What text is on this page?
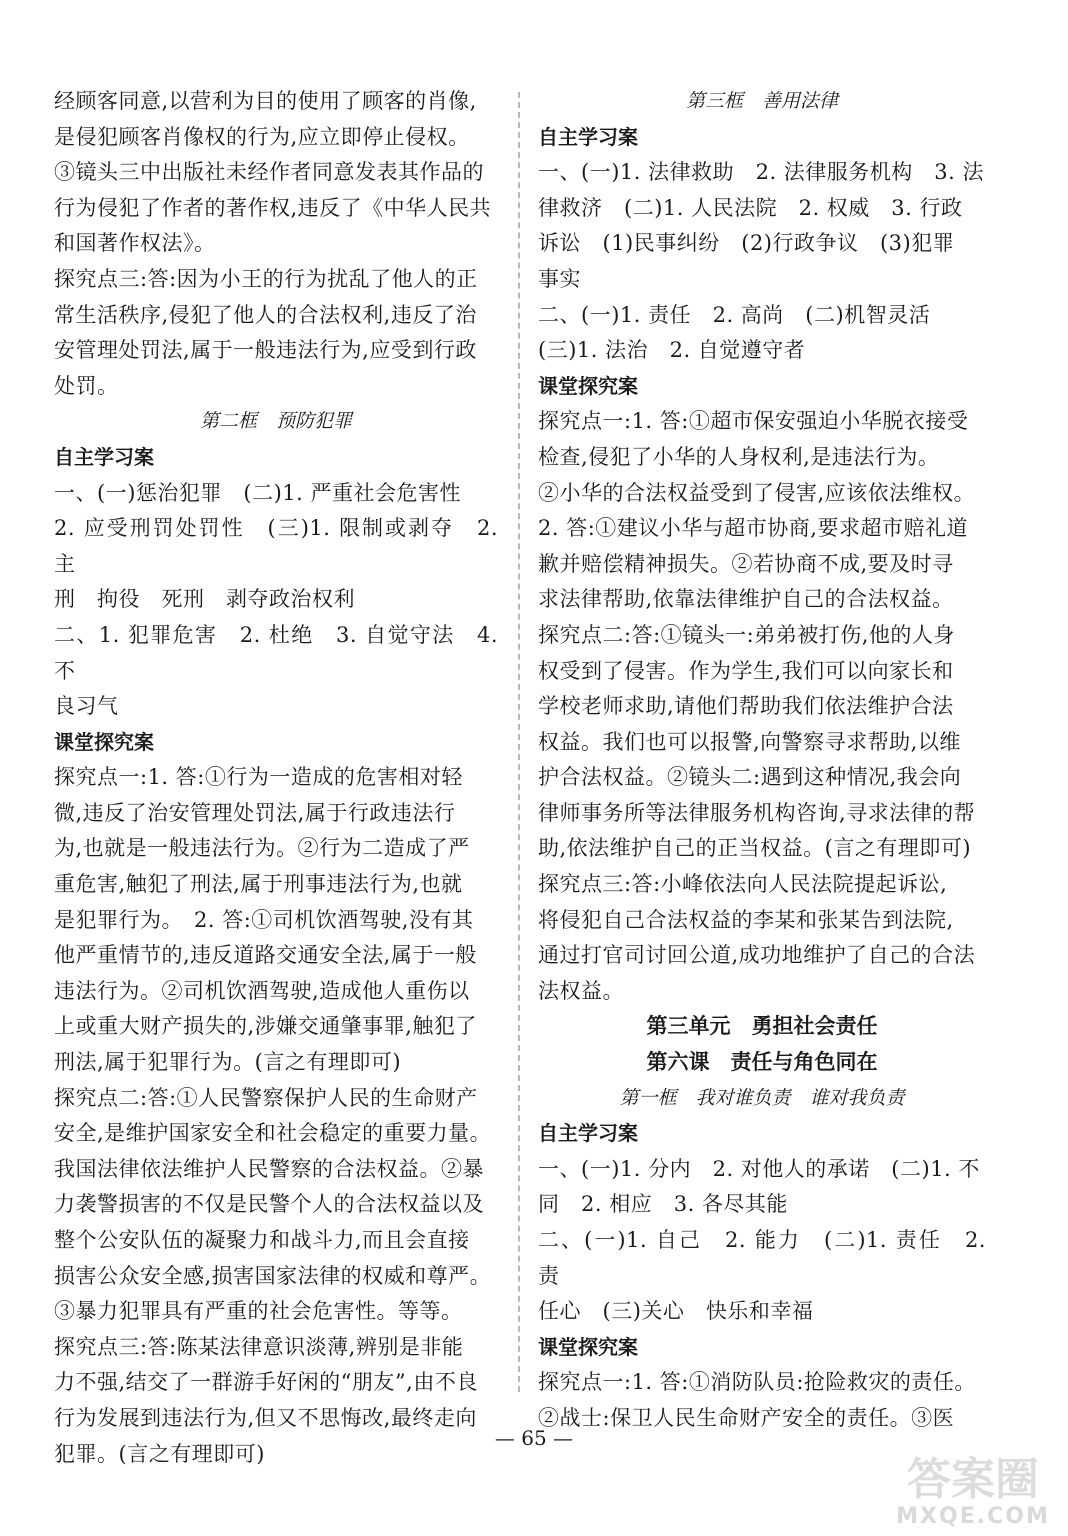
经顾客同意,以营利为目的使用了顾客的肖像,

是侵犯顾客肖像权的行为,应立即停止侵权。

③镜头三中出版社未经作者同意发表其作品的

行为侵犯了作者的著作权,违反了《中华人民共

和国著作权法》。

探究点三:答:因为小王的行为扰乱了他人的正

常生活秩序,侵犯了他人的合法权利,违反了治

安管理处罚法,属于一般违法行为,应受到行政

处罚。

第二框　预防犯罪

自主学习案

一、(一)惩治犯罪　(二)1. 严重社会危害性

2. 应受刑罚处罚性　(三)1. 限制或剥夺　2. 主

刑　拘役　死刑　剥夺政治权利

二、1. 犯罪危害　2. 杜绝　3. 自觉守法　4. 不

良习气

课堂探究案

探究点一:1. 答:①行为一造成的危害相对轻

微,违反了治安管理处罚法,属于行政违法行

为,也就是一般违法行为。②行为二造成了严

重危害,触犯了刑法,属于刑事违法行为,也就

是犯罪行为。　2. 答:①司机饮酒驾驶,没有其

他严重情节的,违反道路交通安全法,属于一般

违法行为。②司机饮酒驾驶,造成他人重伤以

上或重大财产损失的,涉嫌交通肇事罪,触犯了

刑法,属于犯罪行为。(言之有理即可)

探究点二:答:①人民警察保护人民的生命财产

安全,是维护国家安全和社会稳定的重要力量。

我国法律依法维护人民警察的合法权益。②暴

力袭警损害的不仅是民警个人的合法权益以及

整个公安队伍的凝聚力和战斗力,而且会直接

损害公众安全感,损害国家法律的权威和尊严。

③暴力犯罪具有严重的社会危害性。等等。

探究点三:答:陈某法律意识淡薄,辨别是非能

力不强,结交了一群游手好闲的“朋友”,由不良

行为发展到违法行为,但又不思悔改,最终走向

犯罪。(言之有理即可)

第三框　善用法律

自主学习案

一、(一)1. 法律救助　2. 法律服务机构　3. 法

律救济　(二)1. 人民法院　2. 权威　3. 行政

诉讼　(1)民事纠纷　(2)行政争议　(3)犯罪

事实

二、(一)1. 责任　2. 高尚　(二)机智灵活

(三)1. 法治　2. 自觉遵守者

课堂探究案

探究点一:1. 答:①超市保安强迫小华脱衣接受

检查,侵犯了小华的人身权利,是违法行为。

②小华的合法权益受到了侵害,应该依法维权。

2. 答:①建议小华与超市协商,要求超市赔礼道

歉并赔偿精神损失。②若协商不成,要及时寻

求法律帮助,依靠法律维护自己的合法权益。

探究点二:答:①镜头一:弟弟被打伤,他的人身

权受到了侵害。作为学生,我们可以向家长和

学校老师求助,请他们帮助我们依法维护合法

权益。我们也可以报警,向警察寻求帮助,以维

护合法权益。②镜头二:遇到这种情况,我会向

律师事务所等法律服务机构咨询,寻求法律的帮

助,依法维护自己的正当权益。(言之有理即可)

探究点三:答:小峰依法向人民法院提起诉讼,

将侵犯自己合法权益的李某和张某告到法院,

通过打官司讨回公道,成功地维护了自己的合法

法权益。

第三单元　勇担社会责任

第六课　责任与角色同在

第一框　我对谁负责　谁对我负责

自主学习案

一、(一)1. 分内　2. 对他人的承诺　(二)1. 不

同　2. 相应　3. 各尽其能

二、(一)1. 自己　2. 能力　(二)1. 责任　2. 责

任心　(三)关心　快乐和幸福

课堂探究案

探究点一:1. 答:①消防队员:抢险救灾的责任。

②战士:保卫人民生命财产安全的责任。③医

— 65 —
答案圈
MXQE.COM
